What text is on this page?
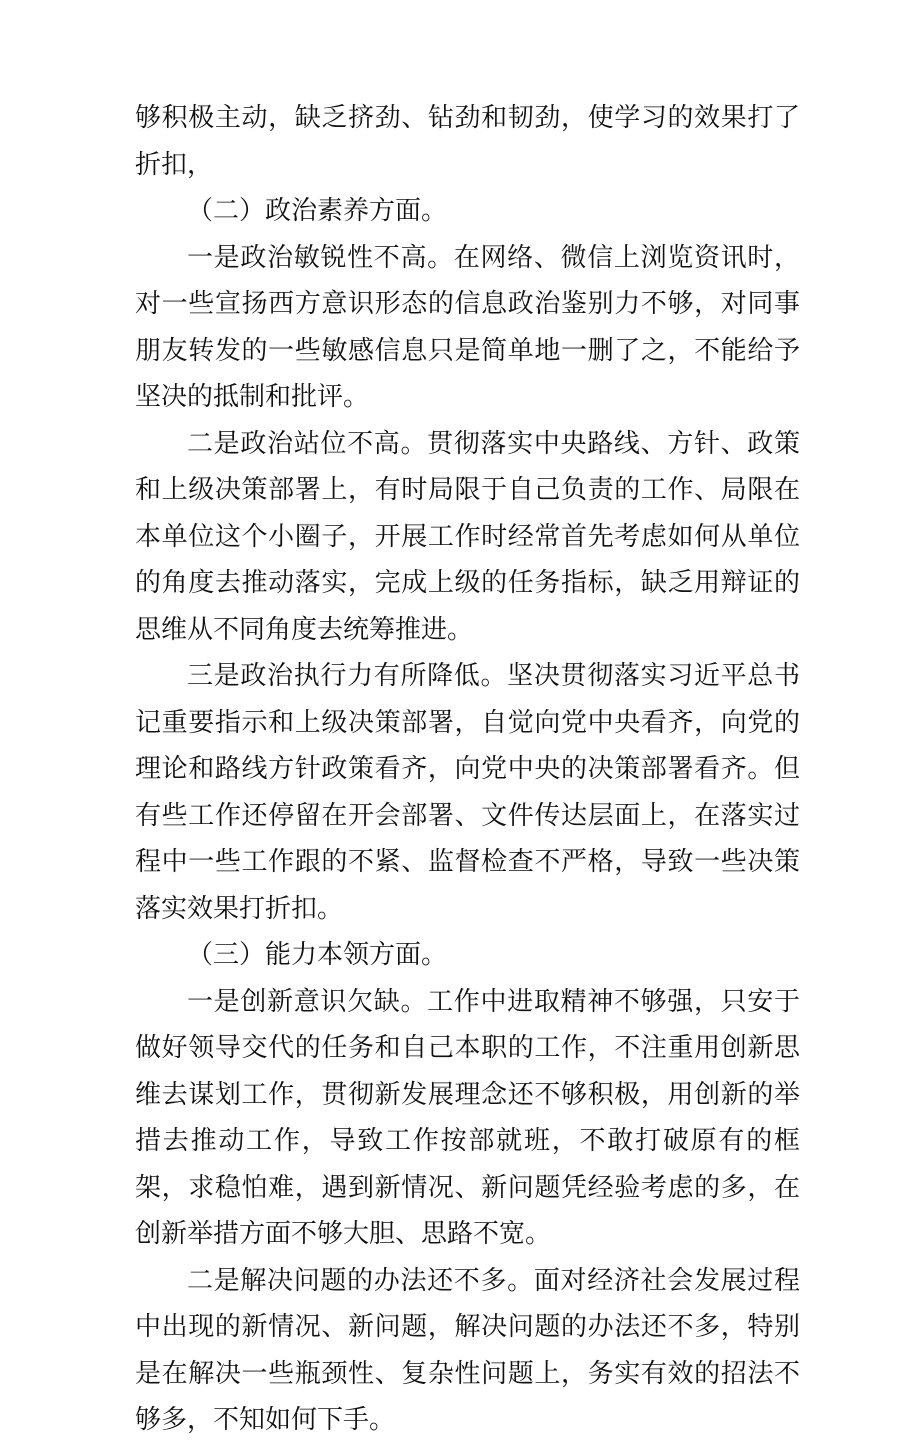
够积极主动，缺乏挤劲、钻劲和韧劲，使学习的效果打了折扣，

（二）政治素养方面。

一是政治敏锐性不高。在网络、微信上浏览资讯时，对一些宣扬西方意识形态的信息政治鉴别力不够，对同事朋友转发的一些敏感信息只是简单地一删了之，不能给予坚决的抵制和批评。

二是政治站位不高。贯彻落实中央路线、方针、政策和上级决策部署上，有时局限于自己负责的工作、局限在本单位这个小圈子，开展工作时经常首先考虑如何从单位的角度去推动落实，完成上级的任务指标，缺乏用辩证的思维从不同角度去统筹推进。

三是政治执行力有所降低。坚决贯彻落实习近平总书记重要指示和上级决策部署，自觉向党中央看齐，向党的理论和路线方针政策看齐，向党中央的决策部署看齐。但有些工作还停留在开会部署、文件传达层面上，在落实过程中一些工作跟的不紧、监督检查不严格，导致一些决策落实效果打折扣。

（三）能力本领方面。

一是创新意识欠缺。工作中进取精神不够强，只安于做好领导交代的任务和自己本职的工作，不注重用创新思维去谋划工作，贯彻新发展理念还不够积极，用创新的举措去推动工作，导致工作按部就班，不敢打破原有的框架，求稳怕难，遇到新情况、新问题凭经验考虑的多，在创新举措方面不够大胆、思路不宽。

二是解决问题的办法还不多。面对经济社会发展过程中出现的新情况、新问题，解决问题的办法还不多，特别是在解决一些瓶颈性、复杂性问题上，务实有效的招法不够多，不知如何下手。
